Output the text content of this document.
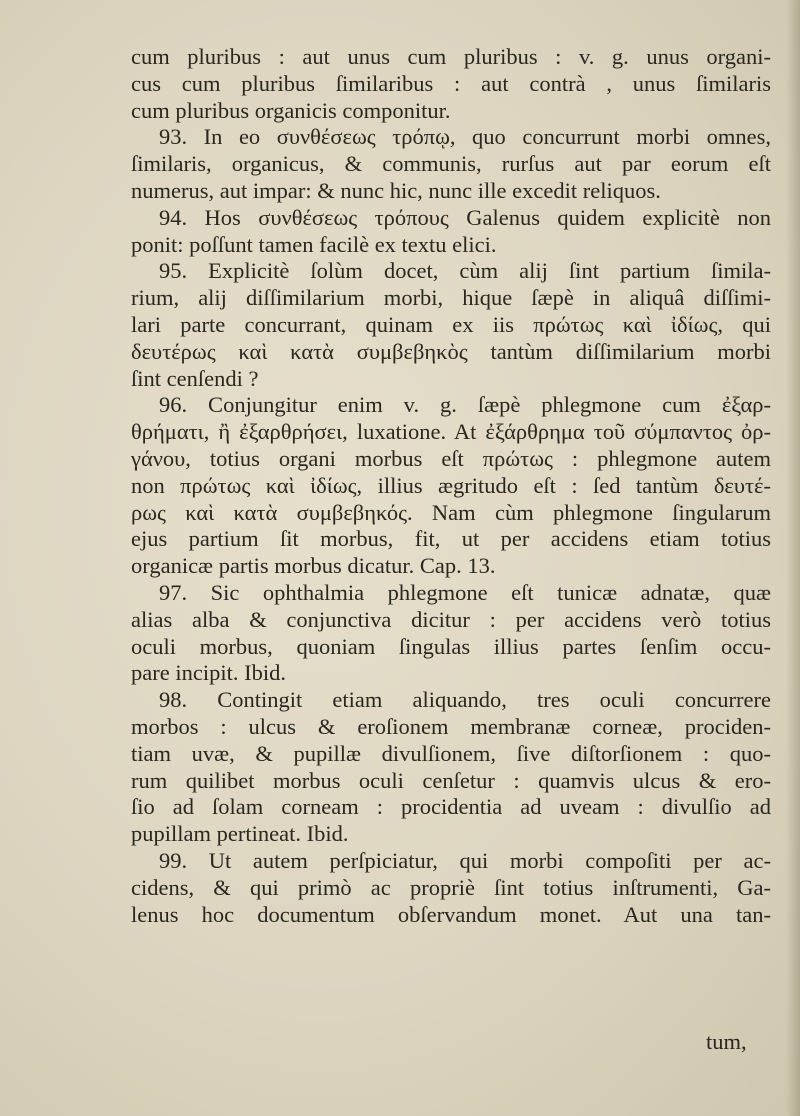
cum pluribus : aut unus cum pluribus : v. g. unus organi-
cus cum pluribus ſimilaribus : aut contrà , unus ſimilaris
cum pluribus organicis componitur.
93. In eo συνθέσεως τρόπῳ, quo concurrunt morbi omnes,
ſimilaris, organicus, & communis, rurſus aut par eorum eſt
numerus, aut impar: & nunc hic, nunc ille excedit reliquos.
94. Hos συνθέσεως τρόπους Galenus quidem explicitè non
ponit: poſſunt tamen facilè ex textu elici.
95. Explicitè ſolùm docet, cùm alij ſint partium ſimila-
rium, alij diſſimilarium morbi, hique ſæpè in aliquâ diſſimi-
lari parte concurrant, quinam ex iis πρώτως καὶ ἰδίως, qui
δευτέρως καὶ κατὰ συμβεβηκὸς tantùm diſſimilarium morbi
ſint cenſendi ?
96. Conjungitur enim v. g. ſæpè phlegmone cum ἐξαρ-
θρήματι, ἢ ἐξαρθρήσει, luxatione. At ἐξάρθρημα τοῦ σύμπαντος ὀρ-
γάνου, totius organi morbus eſt πρώτως : phlegmone autem
non πρώτως καὶ ἰδίως, illius ægritudo eſt : ſed tantùm δευτέ-
ρως καὶ κατὰ συμβεβηκός. Nam cùm phlegmone ſingularum
ejus partium ſit morbus, fit, ut per accidens etiam totius
organicæ partis morbus dicatur. Cap. 13.
97. Sic ophthalmia phlegmone eſt tunicæ adnatæ, quæ
alias alba & conjunctiva dicitur : per accidens verò totius
oculi morbus, quoniam ſingulas illius partes ſenſim occu-
pare incipit. Ibid.
98. Contingit etiam aliquando, tres oculi concurrere
morbos : ulcus & eroſionem membranæ corneæ, prociden-
tiam uvæ, & pupillæ divulſionem, ſive diſtorſionem : quo-
rum quilibet morbus oculi cenſetur : quamvis ulcus & ero-
ſio ad ſolam corneam : procidentia ad uveam : divulſio ad
pupillam pertineat. Ibid.
99. Ut autem perſpiciatur, qui morbi compoſiti per ac-
cidens, & qui primò ac propriè ſint totius inſtrumenti, Ga-
lenus hoc documentum obſervandum monet. Aut una tan-
tum,
